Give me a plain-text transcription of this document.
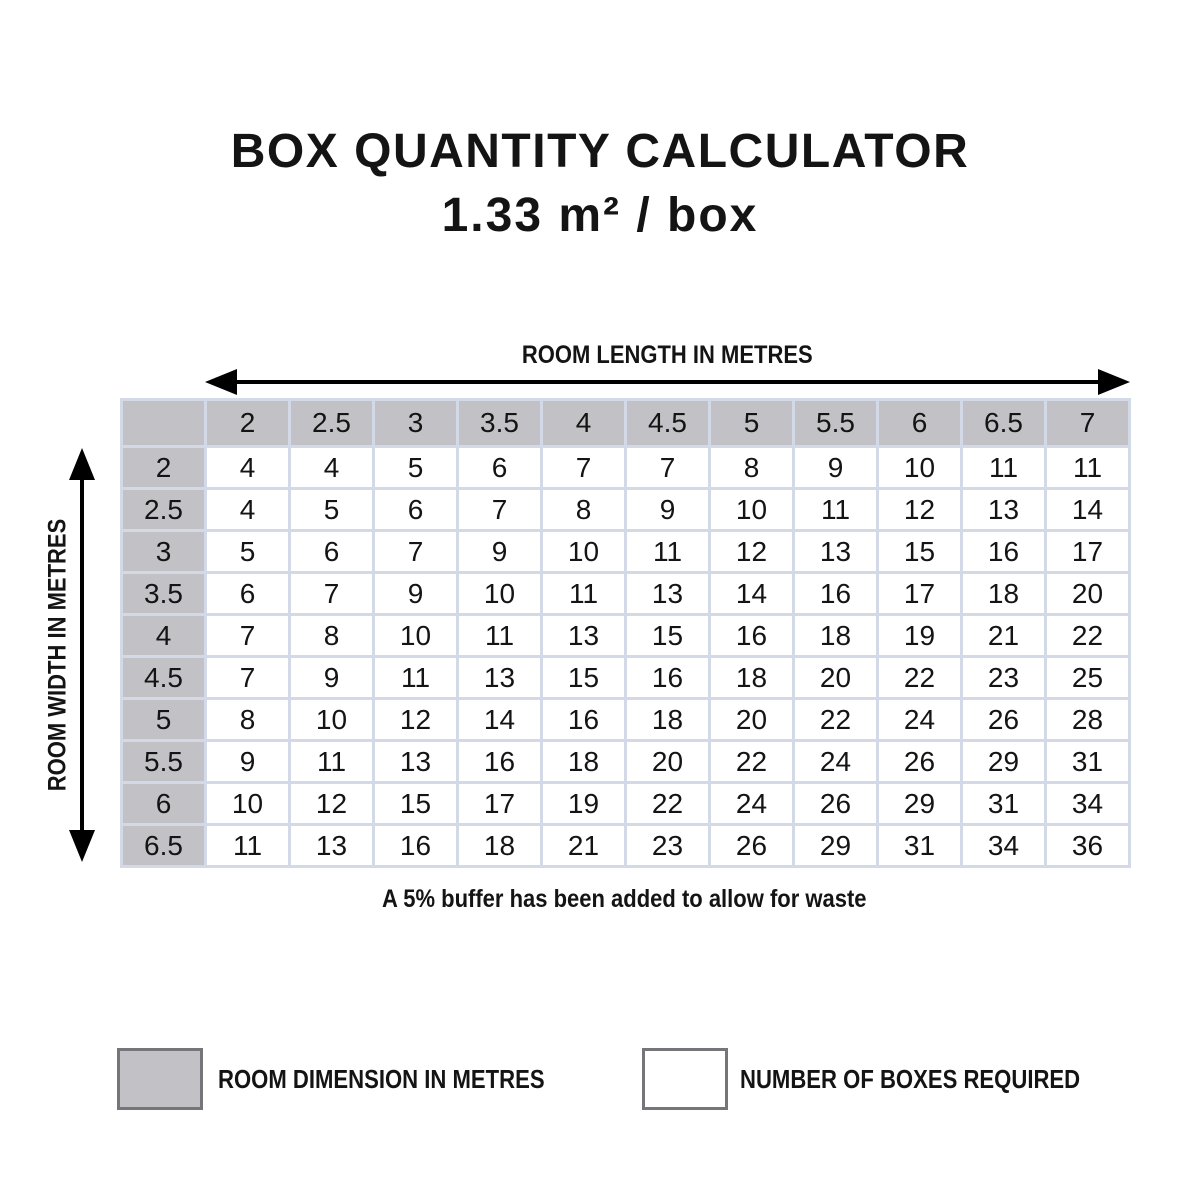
BOX QUANTITY CALCULATOR
1.33 m² / box
ROOM LENGTH IN METRES
ROOM WIDTH IN METRES
	2	2.5	3	3.5	4	4.5	5	5.5	6	6.5	7
2	4	4	5	6	7	7	8	9	10	11	11
2.5	4	5	6	7	8	9	10	11	12	13	14
3	5	6	7	9	10	11	12	13	15	16	17
3.5	6	7	9	10	11	13	14	16	17	18	20
4	7	8	10	11	13	15	16	18	19	21	22
4.5	7	9	11	13	15	16	18	20	22	23	25
5	8	10	12	14	16	18	20	22	24	26	28
5.5	9	11	13	16	18	20	22	24	26	29	31
6	10	12	15	17	19	22	24	26	29	31	34
6.5	11	13	16	18	21	23	26	29	31	34	36
A 5% buffer has been added to allow for waste
ROOM DIMENSION IN METRES	NUMBER OF BOXES REQUIRED
